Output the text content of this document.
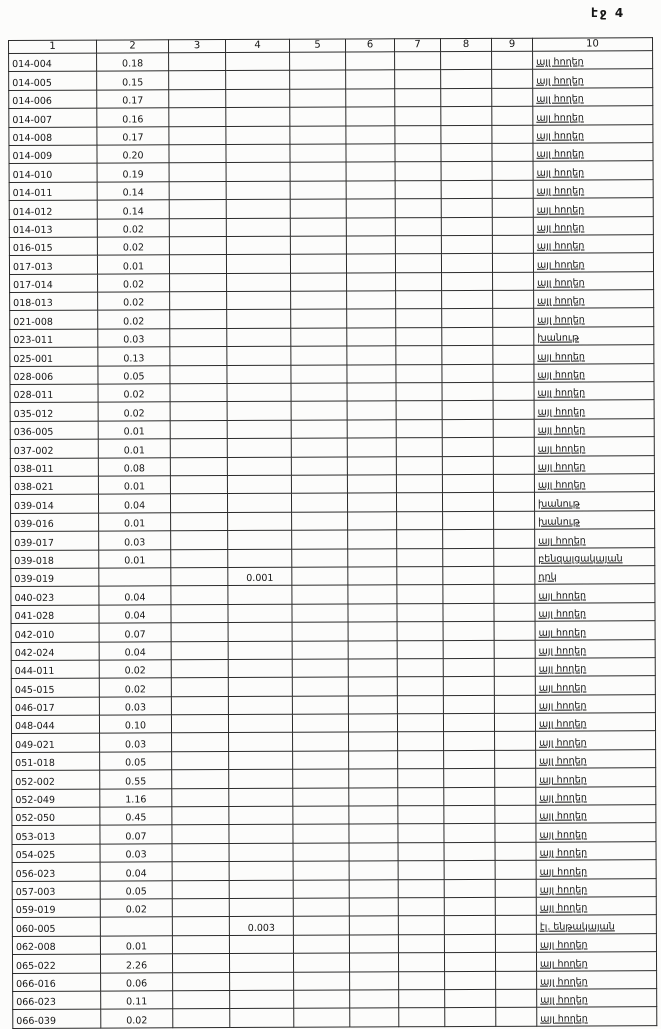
էջ 4
1	2	3	4	5	6	7	8	9	10
014-004	0.18								այլ հողեր
014-005	0.15								այլ հողեր
014-006	0.17								այլ հողեր
014-007	0.16								այլ հողեր
014-008	0.17								այլ հողեր
014-009	0.20								այլ հողեր
014-010	0.19								այլ հողեր
014-011	0.14								այլ հողեր
014-012	0.14								այլ հողեր
014-013	0.02								այլ հողեր
016-015	0.02								այլ հողեր
017-013	0.01								այլ հողեր
017-014	0.02								այլ հողեր
018-013	0.02								այլ հողեր
021-008	0.02								այլ հողեր
023-011	0.03								խանութ
025-001	0.13								այլ հողեր
028-006	0.05								այլ հողեր
028-011	0.02								այլ հողեր
035-012	0.02								այլ հողեր
036-005	0.01								այլ հողեր
037-002	0.01								այլ հողեր
038-011	0.08								այլ հողեր
038-021	0.01								այլ հողեր
039-014	0.04								խանութ
039-016	0.01								խանութ
039-017	0.03								այլ հողեր
039-018	0.01								բենզալցակայան
039-019			0.001						դրկ
040-023	0.04								այլ հողեր
041-028	0.04								այլ հողեր
042-010	0.07								այլ հողեր
042-024	0.04								այլ հողեր
044-011	0.02								այլ հողեր
045-015	0.02								այլ հողեր
046-017	0.03								այլ հողեր
048-044	0.10								այլ հողեր
049-021	0.03								այլ հողեր
051-018	0.05								այլ հողեր
052-002	0.55								այլ հողեր
052-049	1.16								այլ հողեր
052-050	0.45								այլ հողեր
053-013	0.07								այլ հողեր
054-025	0.03								այլ հողեր
056-023	0.04								այլ հողեր
057-003	0.05								այլ հողեր
059-019	0.02								այլ հողեր
060-005			0.003						էլ. ենթակայան
062-008	0.01								այլ հողեր
065-022	2.26								այլ հողեր
066-016	0.06								այլ հողեր
066-023	0.11								այլ հողեր
066-039	0.02								այլ հողեր
